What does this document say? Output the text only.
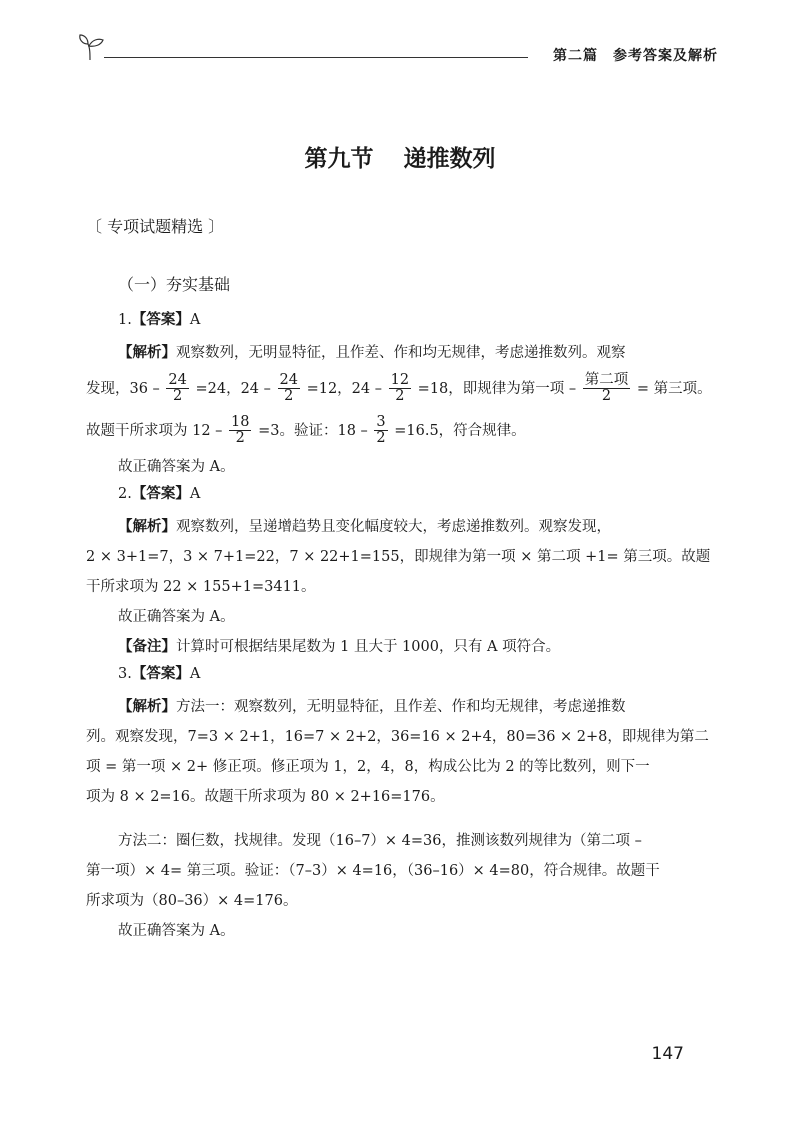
第二篇　参考答案及解析
第九节 递推数列
〔 专项试题精选 〕
（一）夯实基础
1.【答案】A
【解析】观察数列，无明显特征，且作差、作和均无规律，考虑递推数列。观察
发现，$36 - \frac{24}{2} =24$，$24 - \frac{24}{2} =12$，$24 - \frac{12}{2} =18$，即规律为第一项 – $\frac{\text{第二项}}{2}$ = 第三项。
故题干所求项为 $12 - \frac{18}{2} =3$。验证：$18 - \frac{3}{2} =16.5$，符合规律。
故正确答案为 A。
2.【答案】A
【解析】观察数列，呈递增趋势且变化幅度较大，考虑递推数列。观察发现，
2 × 3+1=7，3 × 7+1=22，7 × 22+1=155，即规律为第一项 × 第二项 +1= 第三项。故题
干所求项为 22 × 155+1=3411。
故正确答案为 A。
【备注】计算时可根据结果尾数为 1 且大于 1000，只有 A 项符合。
3.【答案】A
【解析】方法一：观察数列，无明显特征，且作差、作和均无规律，考虑递推数
列。观察发现，7=3 × 2+1，16=7 × 2+2，36=16 × 2+4，80=36 × 2+8，即规律为第二
项 = 第一项 × 2+ 修正项。修正项为 1，2，4，8，构成公比为 2 的等比数列，则下一
项为 8 × 2=16。故题干所求项为 80 × 2+16=176。
方法二：圈仨数，找规律。发现（16–7）× 4=36，推测该数列规律为（第二项 –
第一项）× 4= 第三项。验证：（7–3）× 4=16，（36–16）× 4=80，符合规律。故题干
所求项为（80–36）× 4=176。
故正确答案为 A。
147
